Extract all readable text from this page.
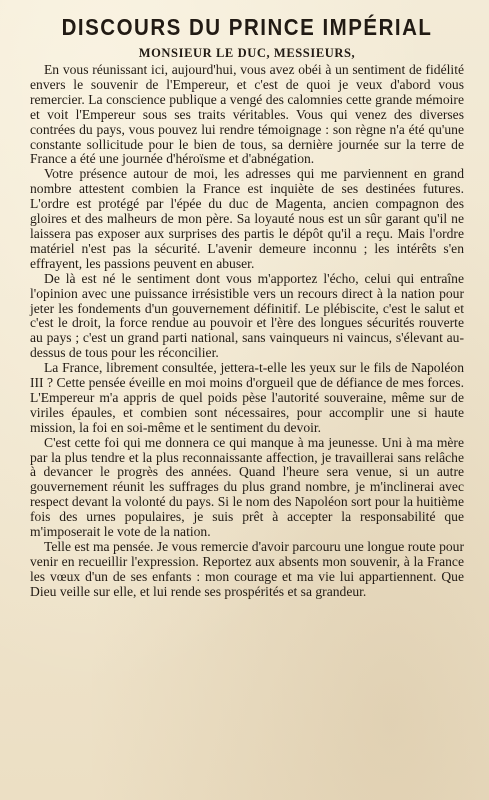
DISCOURS DU PRINCE IMPÉRIAL
MONSIEUR LE DUC, MESSIEURS,

En vous réunissant ici, aujourd'hui, vous avez obéi à un sentiment de fidélité envers le souvenir de l'Empereur, et c'est de quoi je veux d'abord vous remercier. La conscience publique a vengé des calomnies cette grande mémoire et voit l'Empereur sous ses traits véritables. Vous qui venez des diverses contrées du pays, vous pouvez lui rendre témoignage : son règne n'a été qu'une constante sollicitude pour le bien de tous, sa dernière journée sur la terre de France a été une journée d'héroïsme et d'abnégation.

Votre présence autour de moi, les adresses qui me parviennent en grand nombre attestent combien la France est inquiète de ses destinées futures. L'ordre est protégé par l'épée du duc de Magenta, ancien compagnon des gloires et des malheurs de mon père. Sa loyauté nous est un sûr garant qu'il ne laissera pas exposer aux surprises des partis le dépôt qu'il a reçu. Mais l'ordre matériel n'est pas la sécurité. L'avenir demeure inconnu ; les intérêts s'en effrayent, les passions peuvent en abuser.

De là est né le sentiment dont vous m'apportez l'écho, celui qui entraîne l'opinion avec une puissance irrésistible vers un recours direct à la nation pour jeter les fondements d'un gouvernement définitif. Le plébiscite, c'est le salut et c'est le droit, la force rendue au pouvoir et l'ère des longues sécurités rouverte au pays ; c'est un grand parti national, sans vainqueurs ni vaincus, s'élevant au-dessus de tous pour les réconcilier.

La France, librement consultée, jettera-t-elle les yeux sur le fils de Napoléon III ? Cette pensée éveille en moi moins d'orgueil que de défiance de mes forces. L'Empereur m'a appris de quel poids pèse l'autorité souveraine, même sur de viriles épaules, et combien sont nécessaires, pour accomplir une si haute mission, la foi en soi-même et le sentiment du devoir.

C'est cette foi qui me donnera ce qui manque à ma jeunesse. Uni à ma mère par la plus tendre et la plus reconnaissante affection, je travaillerai sans relâche à devancer le progrès des années. Quand l'heure sera venue, si un autre gouvernement réunit les suffrages du plus grand nombre, je m'inclinerai avec respect devant la volonté du pays. Si le nom des Napoléon sort pour la huitième fois des urnes populaires, je suis prêt à accepter la responsabilité que m'imposerait le vote de la nation.

Telle est ma pensée. Je vous remercie d'avoir parcouru une longue route pour venir en recueillir l'expression. Reportez aux absents mon souvenir, à la France les vœux d'un de ses enfants : mon courage et ma vie lui appartiennent. Que Dieu veille sur elle, et lui rende ses prospérités et sa grandeur.
